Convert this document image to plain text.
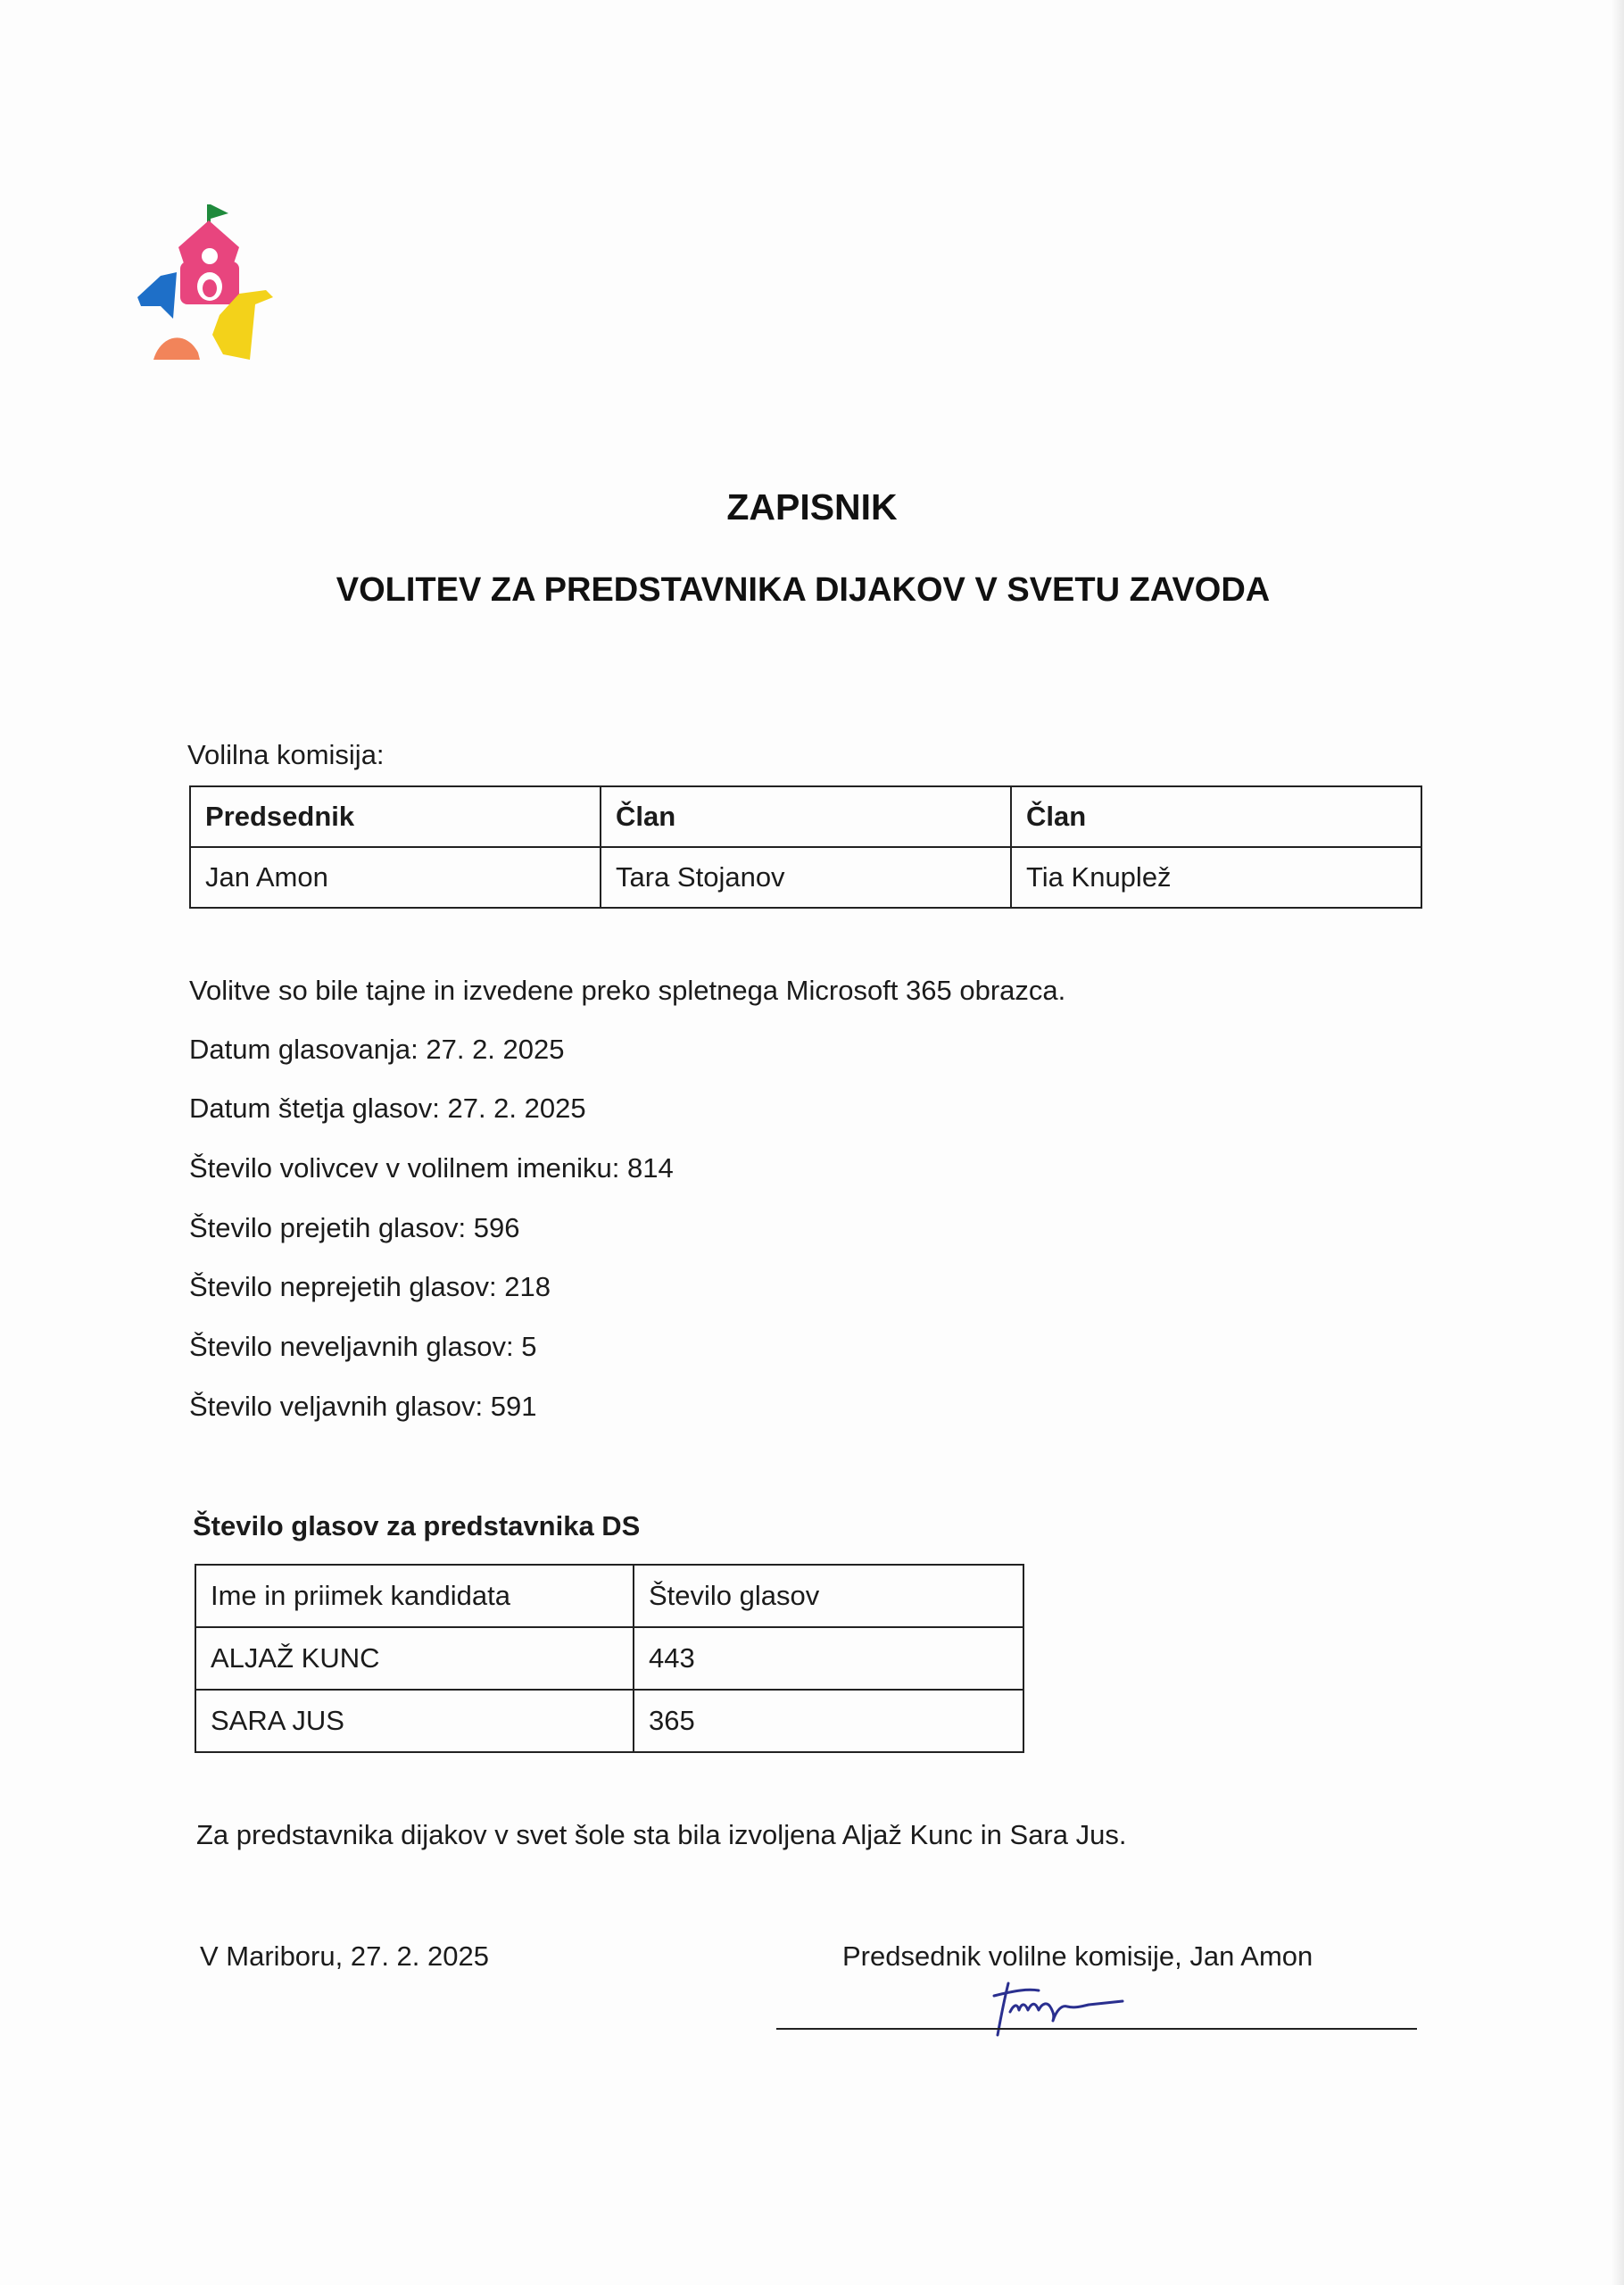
ZAPISNIK
VOLITEV ZA PREDSTAVNIKA DIJAKOV V SVETU ZAVODA
Volilna komisija:
Predsednik	Član	Član
Jan Amon	Tara Stojanov	Tia Knuplež
Volitve so bile tajne in izvedene preko spletnega Microsoft 365 obrazca.
Datum glasovanja: 27. 2. 2025
Datum štetja glasov: 27. 2. 2025
Število volivcev v volilnem imeniku: 814
Število prejetih glasov: 596
Število neprejetih glasov: 218
Število neveljavnih glasov: 5
Število veljavnih glasov: 591
Število glasov za predstavnika DS
Ime in priimek kandidata	Število glasov
ALJAŽ KUNC	443
SARA JUS	365
Za predstavnika dijakov v svet šole sta bila izvoljena Aljaž Kunc in Sara Jus.
V Mariboru, 27. 2. 2025	Predsednik volilne komisije, Jan Amon
